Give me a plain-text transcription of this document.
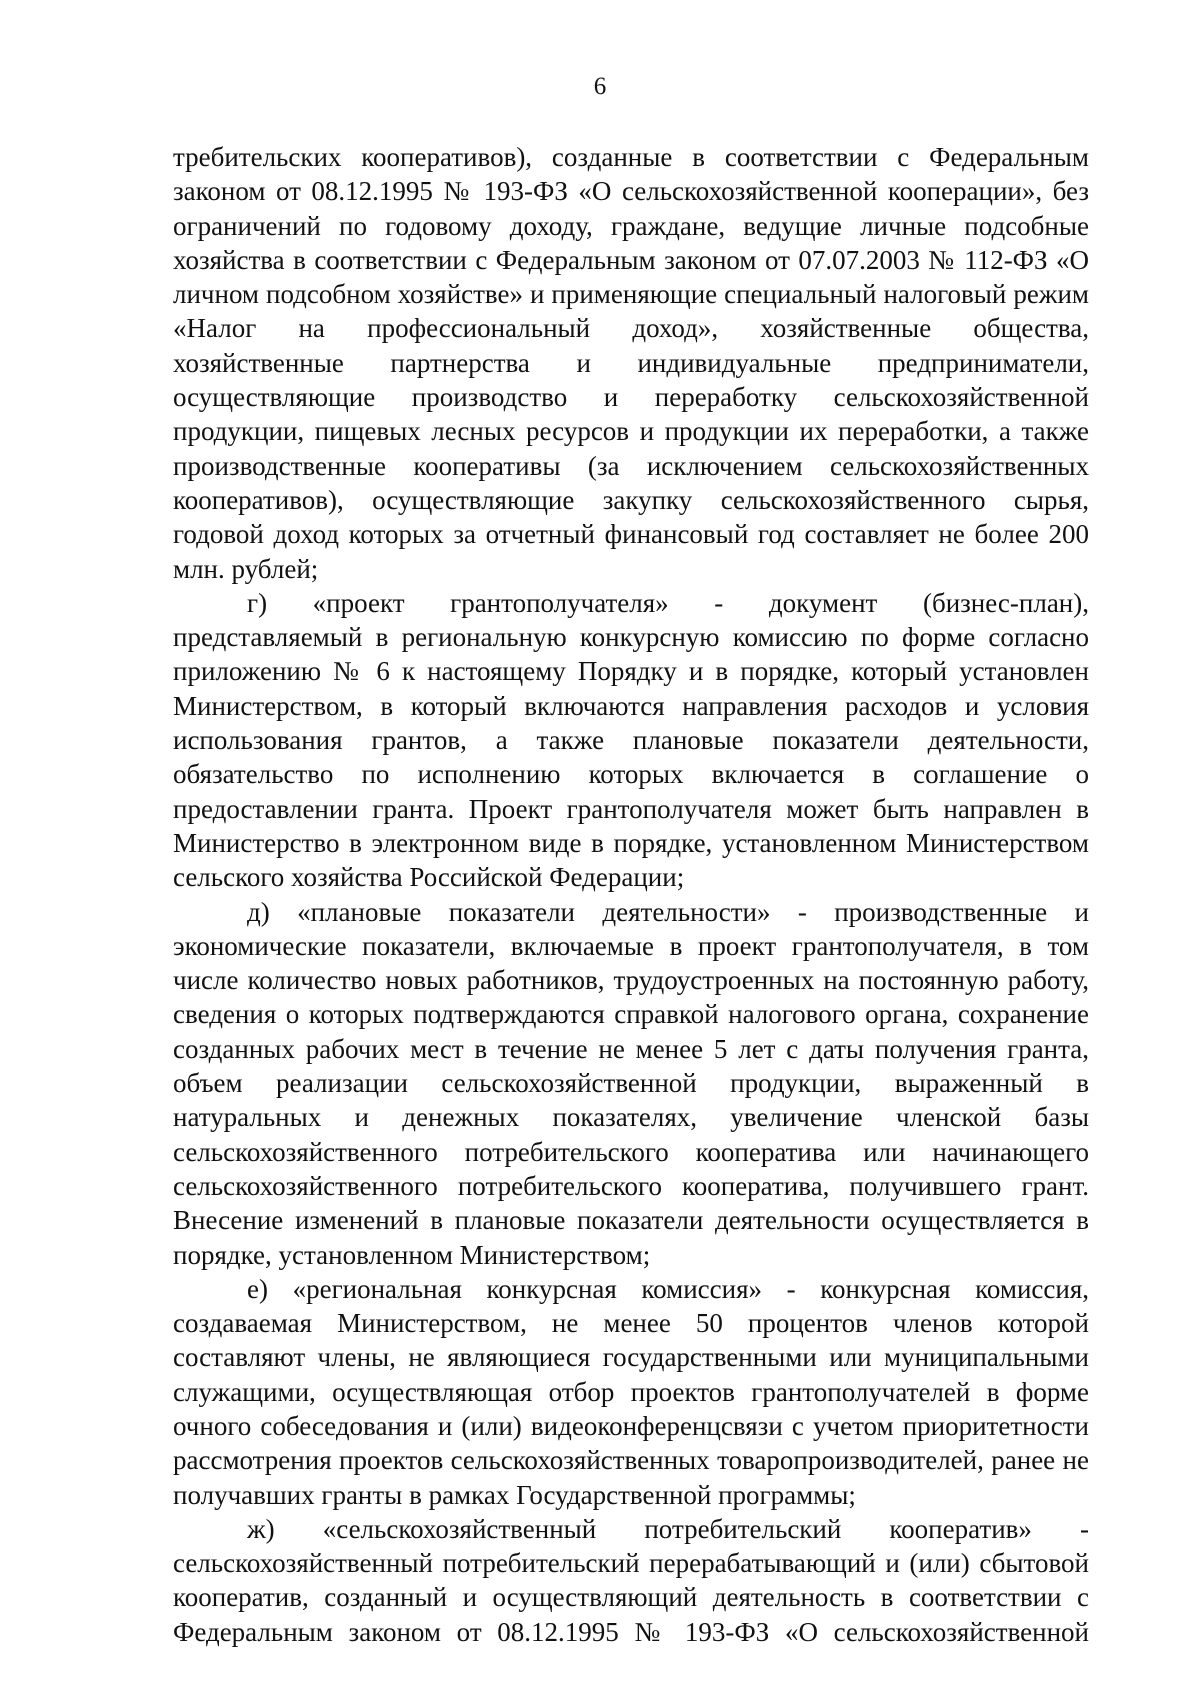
6

требительских кооперативов), созданные в соответствии с Федеральным законом от 08.12.1995 № 193-ФЗ «О сельскохозяйственной кооперации», без ограничений по годовому доходу, граждане, ведущие личные подсобные хозяйства в соответствии с Федеральным законом от 07.07.2003 № 112-ФЗ «О личном подсобном хозяйстве» и применяющие специальный налоговый режим «Налог на профессиональный доход», хозяйственные общества, хозяйственные партнерства и индивидуальные предприниматели, осуществляющие производство и переработку сельскохозяйственной продукции, пищевых лесных ресурсов и продукции их переработки, а также производственные кооперативы (за исключением сельскохозяйственных кооперативов), осуществляющие закупку сельскохозяйственного сырья, годовой доход которых за отчетный финансовый год составляет не более 200 млн. рублей;

г) «проект грантополучателя» - документ (бизнес-план), представляемый в региональную конкурсную комиссию по форме согласно приложению № 6 к настоящему Порядку и в порядке, который установлен Министерством, в который включаются направления расходов и условия использования грантов, а также плановые показатели деятельности, обязательство по исполнению которых включается в соглашение о предоставлении гранта. Проект грантополучателя может быть направлен в Министерство в электронном виде в порядке, установленном Министерством сельского хозяйства Российской Федерации;

д) «плановые показатели деятельности» - производственные и экономические показатели, включаемые в проект грантополучателя, в том числе количество новых работников, трудоустроенных на постоянную работу, сведения о которых подтверждаются справкой налогового органа, сохранение созданных рабочих мест в течение не менее 5 лет с даты получения гранта, объем реализации сельскохозяйственной продукции, выраженный в натуральных и денежных показателях, увеличение членской базы сельскохозяйственного потребительского кооператива или начинающего сельскохозяйственного потребительского кооператива, получившего грант. Внесение изменений в плановые показатели деятельности осуществляется в порядке, установленном Министерством;

е) «региональная конкурсная комиссия» - конкурсная комиссия, создаваемая Министерством, не менее 50 процентов членов которой составляют члены, не являющиеся государственными или муниципальными служащими, осуществляющая отбор проектов грантополучателей в форме очного собеседования и (или) видеоконференцсвязи с учетом приоритетности рассмотрения проектов сельскохозяйственных товаропроизводителей, ранее не получавших гранты в рамках Государственной программы;

ж) «сельскохозяйственный потребительский кооператив» - сельскохозяйственный потребительский перерабатывающий и (или) сбытовой кооператив, созданный и осуществляющий деятельность в соответствии с Федеральным законом от 08.12.1995 № 193-ФЗ «О сельскохозяйственной
